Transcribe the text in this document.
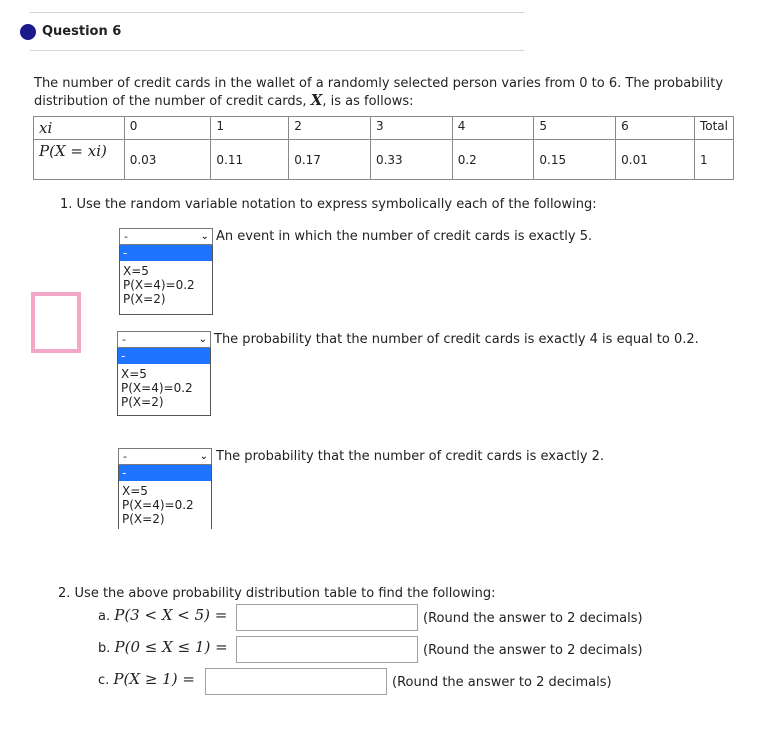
Question 6
The number of credit cards in the wallet of a randomly selected person varies from 0 to 6. The probability
distribution of the number of credit cards, X, is as follows:
xi	0	1	2	3	4	5	6	Total
P(X = xi)	0.03	0.11	0.17	0.33	0.2	0.15	0.01	1
1. Use the random variable notation to express symbolically each of the following:
-	⌄ An event in which the number of credit cards is exactly 5.
-
X=5
P(X=4)=0.2
P(X=2)
-	⌄ The probability that the number of credit cards is exactly 4 is equal to 0.2.
-
X=5
P(X=4)=0.2
P(X=2)
-	⌄ The probability that the number of credit cards is exactly 2.
-
X=5
P(X=4)=0.2
P(X=2)
2. Use the above probability distribution table to find the following:
a. P(3 < X < 5) =	(Round the answer to 2 decimals)
b. P(0 ≤ X ≤ 1) =	(Round the answer to 2 decimals)
c. P(X ≥ 1) =	(Round the answer to 2 decimals)
